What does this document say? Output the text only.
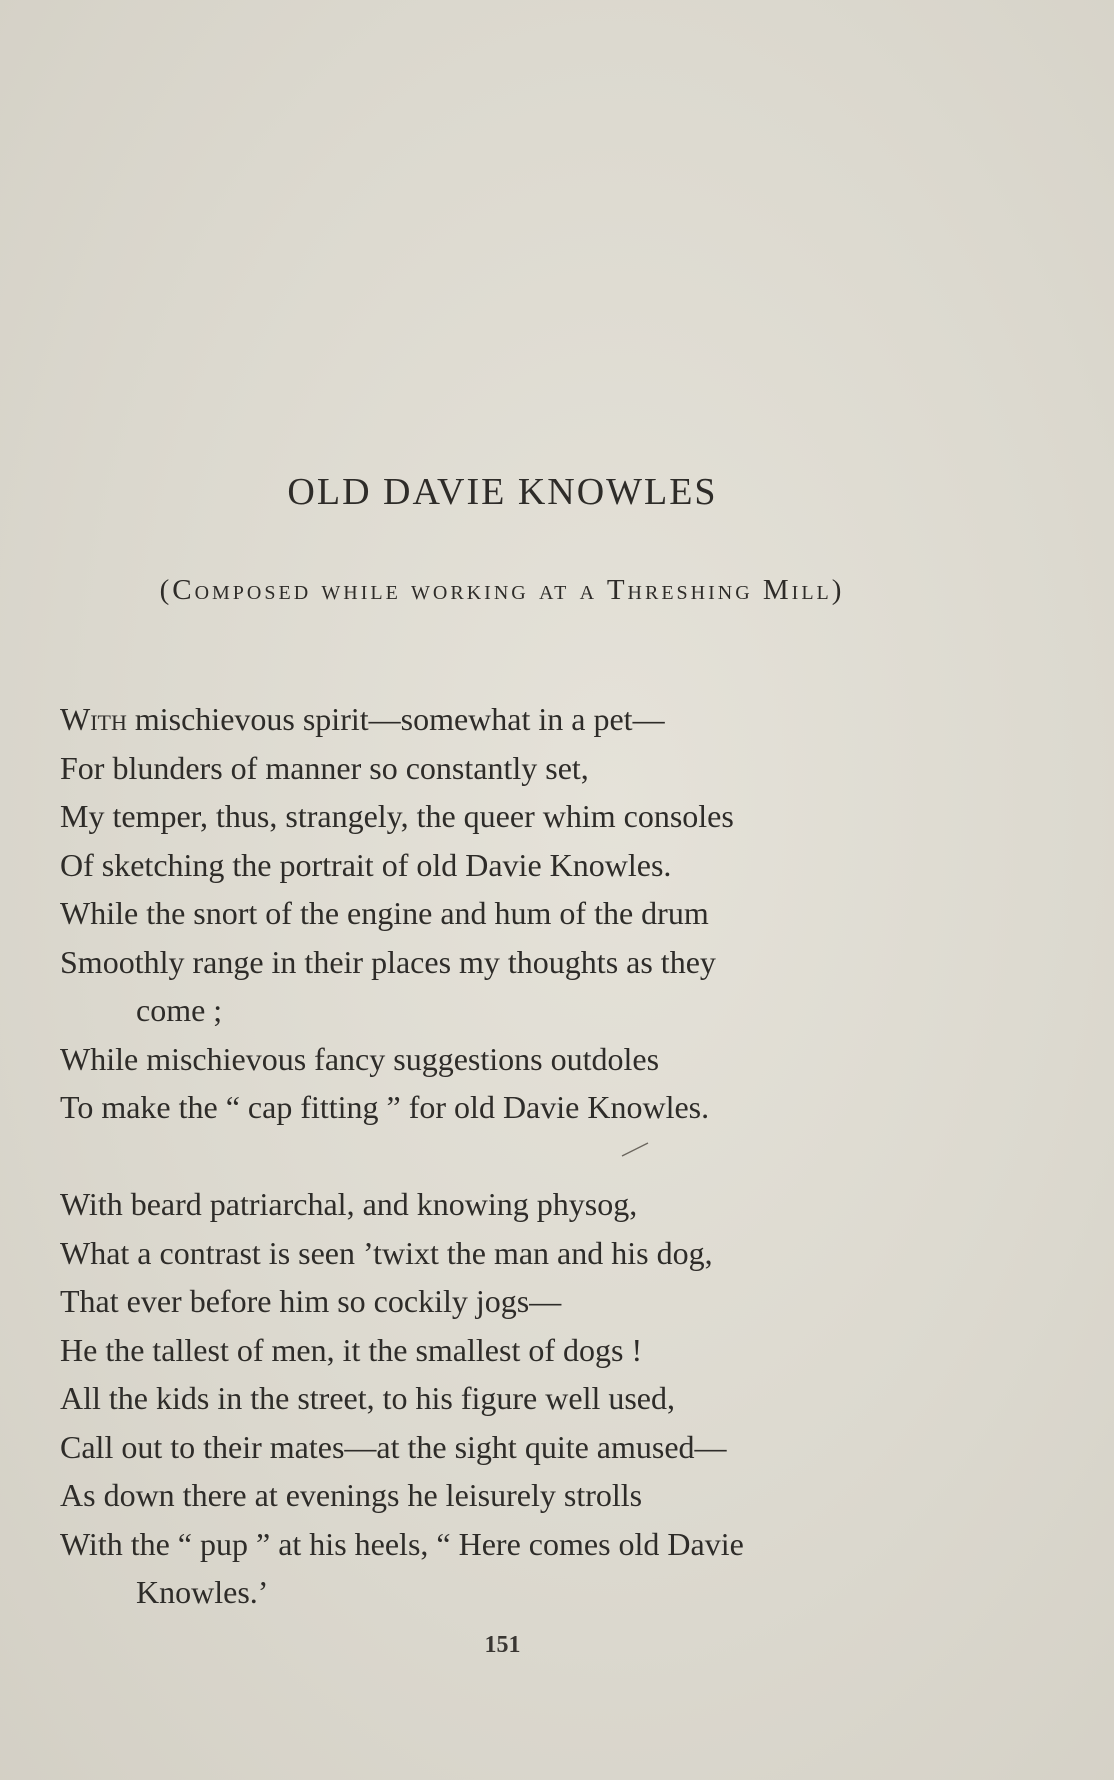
OLD DAVIE KNOWLES
(Composed while working at a Threshing Mill)
With mischievous spirit—somewhat in a pet—
For blunders of manner so constantly set,
My temper, thus, strangely, the queer whim consoles
Of sketching the portrait of old Davie Knowles.
While the snort of the engine and hum of the drum
Smoothly range in their places my thoughts as they
come ;
While mischievous fancy suggestions outdoles
To make the “ cap fitting ” for old Davie Knowles.
With beard patriarchal, and knowing physog,
What a contrast is seen ’twixt the man and his dog,
That ever before him so cockily jogs—
He the tallest of men, it the smallest of dogs !
All the kids in the street, to his figure well used,
Call out to their mates—at the sight quite amused—
As down there at evenings he leisurely strolls
With the “ pup ” at his heels, “ Here comes old Davie
Knowles.’
151
